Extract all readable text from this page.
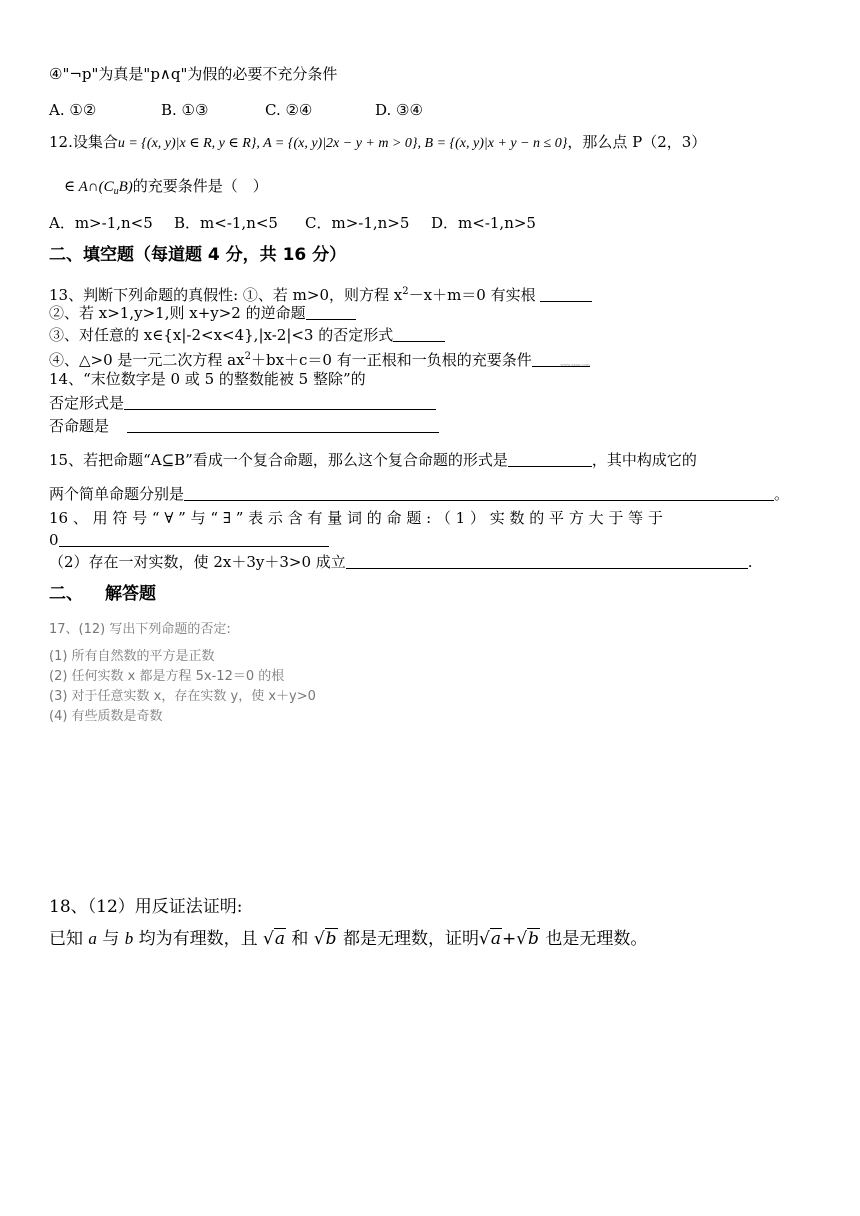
④"¬p"为真是"p∧q"为假的必要不充分条件
A. ①②	B. ①③	C. ②④	D. ③④
12.设集合u = {(x, y)|x ∈ R, y ∈ R}, A = {(x, y)|2x − y + m > 0}, B = {(x, y)|x + y − n ≤ 0}，那么点 P（2，3）
∈ $A\cap(C_uB)$的充要条件是（　）
A．m>-1,n<5 B．m<-1,n<5 C．m>-1,n>5 D．m<-1,n>5
二、填空题（每道题 4 分，共 16 分）
13、判断下列命题的真假性: ①、若 m>0，则方程 $x^2-x+m=0$ 有实根
②、若 x>1,y>1,则 x+y>2 的逆命题
③、对任意的 x∈{x|-2<x<4},|x-2|<3 的否定形式
④、△>0 是一元二次方程 $ax^2+bx+c=0$ 有一正根和一负根的充要条件	www.zxsx.com
14、“末位数字是 0 或 5 的整数能被 5 整除”的
否定形式是
否命题是
15、若把命题“A⊆B”看成一个复合命题，那么这个复合命题的形式是	，其中构成它的
两个简单命题分别是	。
16 、 用 符 号 “ ∀ ” 与 “ ∃ ” 表 示 含 有 量 词 的 命 题 : （ 1 ） 实 数 的 平 方 大 于 等 于
0
（2）存在一对实数，使 2x＋3y＋3>0 成立	.
二、 解答题
17、(12) 写出下列命题的否定:
(1) 所有自然数的平方是正数
(2) 任何实数 x 都是方程 5x-12＝0 的根
(3) 对于任意实数 x，存在实数 y，使 x＋y>0
(4) 有些质数是奇数
18、（12）用反证法证明:
已知 a 与 b 均为有理数，且 √a 和 √b 都是无理数，证明√a+√b 也是无理数。
